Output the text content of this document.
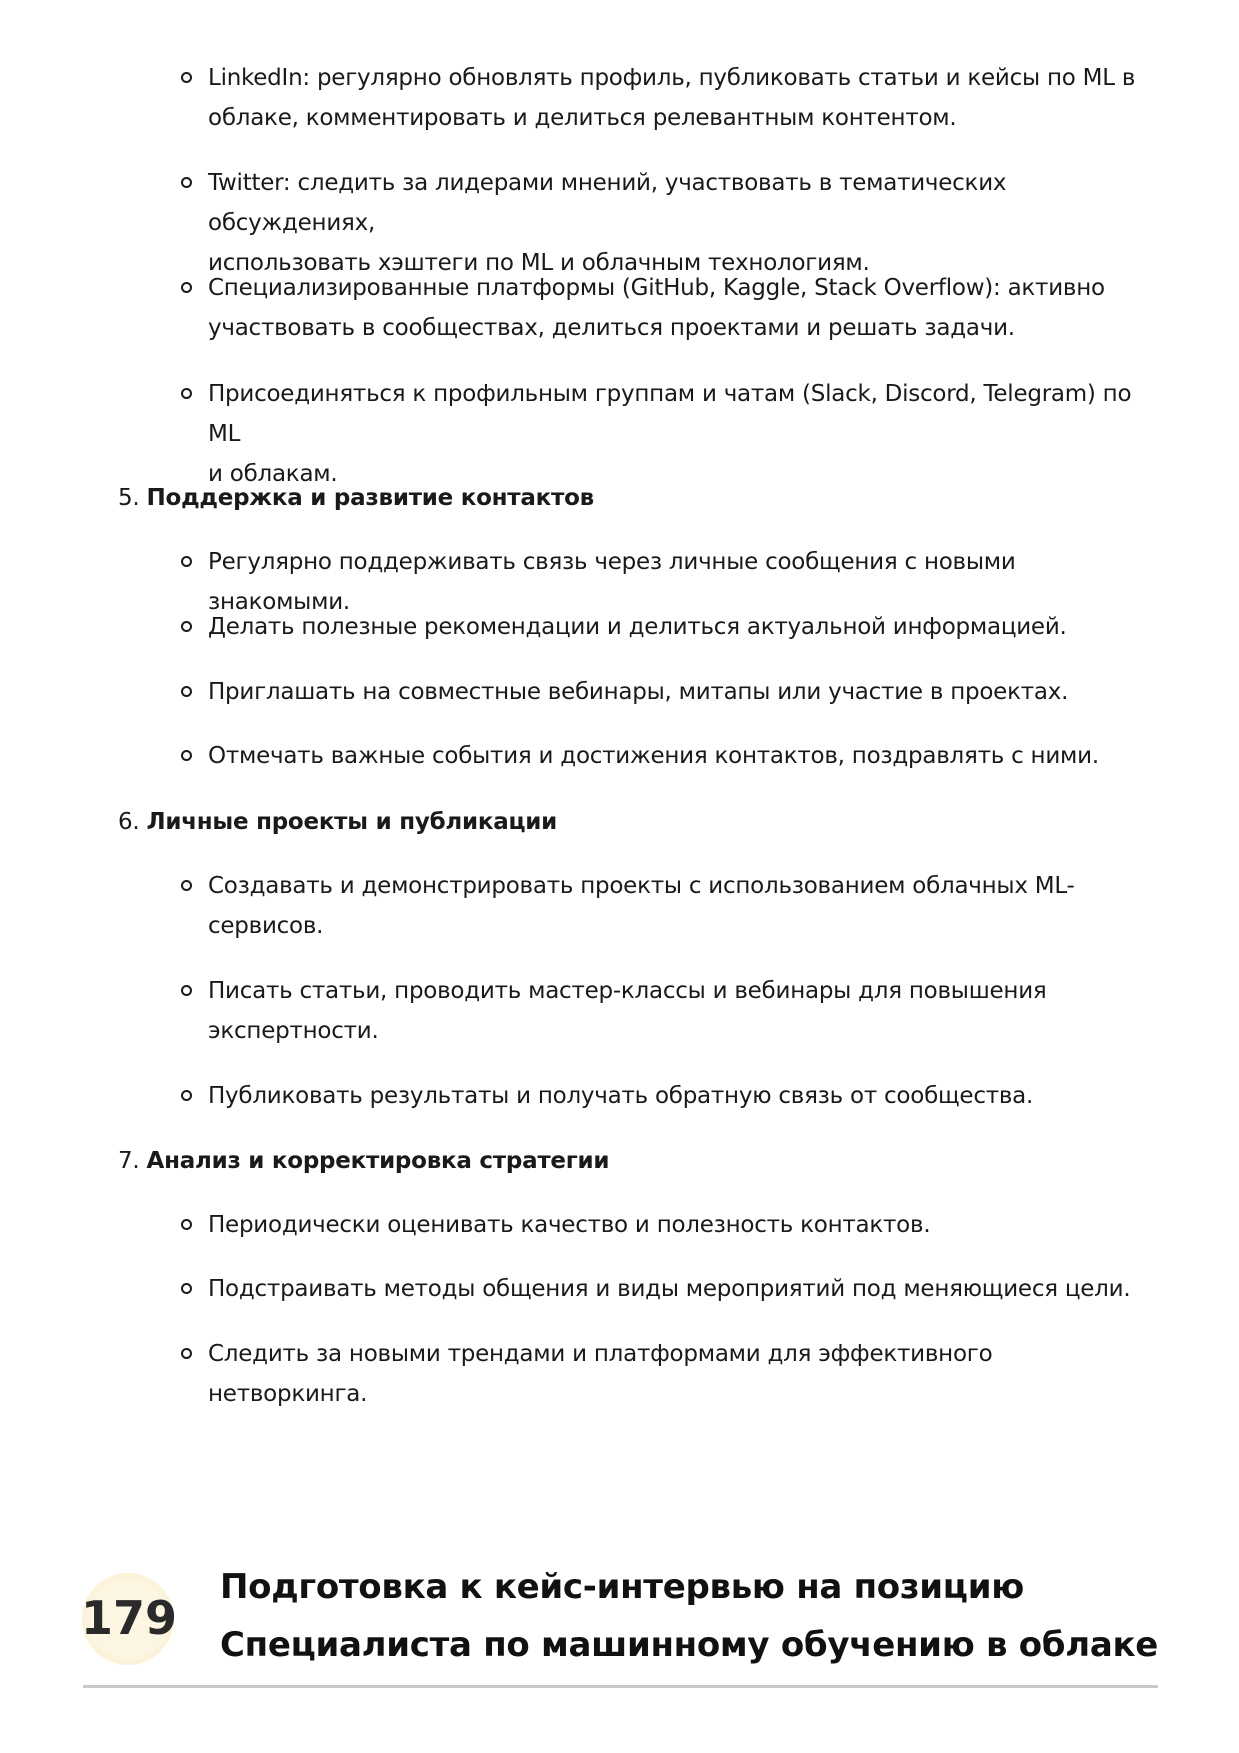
LinkedIn: регулярно обновлять профиль, публиковать статьи и кейсы по ML в
облаке, комментировать и делиться релевантным контентом.
Twitter: следить за лидерами мнений, участвовать в тематических обсуждениях,
использовать хэштеги по ML и облачным технологиям.
Специализированные платформы (GitHub, Kaggle, Stack Overflow): активно
участвовать в сообществах, делиться проектами и решать задачи.
Присоединяться к профильным группам и чатам (Slack, Discord, Telegram) по ML
и облакам.
5. Поддержка и развитие контактов
Регулярно поддерживать связь через личные сообщения с новыми знакомыми.
Делать полезные рекомендации и делиться актуальной информацией.
Приглашать на совместные вебинары, митапы или участие в проектах.
Отмечать важные события и достижения контактов, поздравлять с ними.
6. Личные проекты и публикации
Создавать и демонстрировать проекты с использованием облачных ML-
сервисов.
Писать статьи, проводить мастер-классы и вебинары для повышения
экспертности.
Публиковать результаты и получать обратную связь от сообщества.
7. Анализ и корректировка стратегии
Периодически оценивать качество и полезность контактов.
Подстраивать методы общения и виды мероприятий под меняющиеся цели.
Следить за новыми трендами и платформами для эффективного нетворкинга.
179
Подготовка к кейс-интервью на позицию
Специалиста по машинному обучению в облаке
